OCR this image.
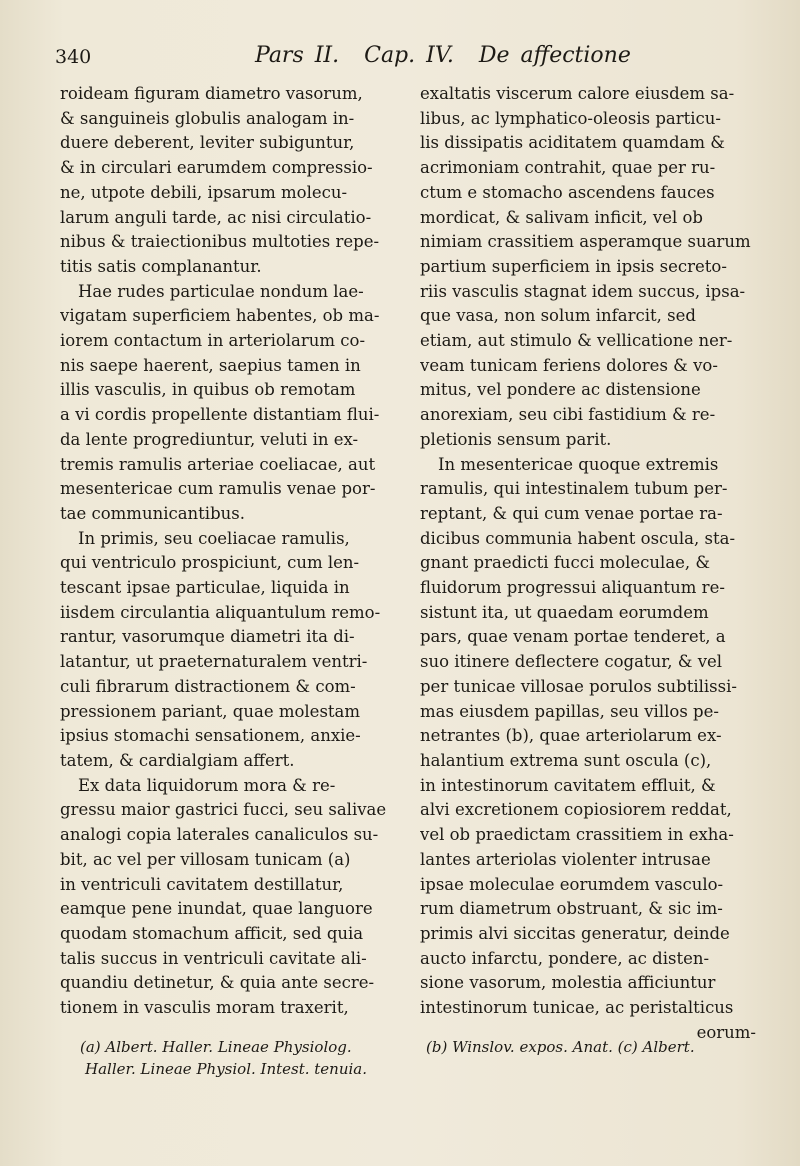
340	Pars II. Cap. IV. De affectione
roideam figuram diametro vasorum,
& sanguineis globulis analogam in-
duere deberent, leviter subiguntur,
& in circulari earumdem compressio-
ne, utpote debili, ipsarum molecu-
larum anguli tarde, ac nisi circulatio-
nibus & traiectionibus multoties repe-
titis satis complanantur.
Hae rudes particulae nondum lae-
vigatam superficiem habentes, ob ma-
iorem contactum in arteriolarum co-
nis saepe haerent, saepius tamen in
illis vasculis, in quibus ob remotam
a vi cordis propellente distantiam flui-
da lente progrediuntur, veluti in ex-
tremis ramulis arteriae coeliacae, aut
mesentericae cum ramulis venae por-
tae communicantibus.
In primis, seu coeliacae ramulis,
qui ventriculo prospiciunt, cum len-
tescant ipsae particulae, liquida in
iisdem circulantia aliquantulum remo-
rantur, vasorumque diametri ita di-
latantur, ut praeternaturalem ventri-
culi fibrarum distractionem & com-
pressionem pariant, quae molestam
ipsius stomachi sensationem, anxie-
tatem, & cardialgiam affert.
Ex data liquidorum mora & re-
gressu maior gastrici fucci, seu salivae
analogi copia laterales canaliculos su-
bit, ac vel per villosam tunicam (a)
in ventriculi cavitatem destillatur,
eamque pene inundat, quae languore
quodam stomachum afficit, sed quia
talis succus in ventriculi cavitate ali-
quandiu detinetur, & quia ante secre-
tionem in vasculis moram traxerit,
exaltatis viscerum calore eiusdem sa-
libus, ac lymphatico-oleosis particu-
lis dissipatis aciditatem quamdam &
acrimoniam contrahit, quae per ru-
ctum e stomacho ascendens fauces
mordicat, & salivam inficit, vel ob
nimiam crassitiem asperamque suarum
partium superficiem in ipsis secreto-
riis vasculis stagnat idem succus, ipsa-
que vasa, non solum infarcit, sed
etiam, aut stimulo & vellicatione ner-
veam tunicam feriens dolores & vo-
mitus, vel pondere ac distensione
anorexiam, seu cibi fastidium & re-
pletionis sensum parit.
In mesentericae quoque extremis
ramulis, qui intestinalem tubum per-
reptant, & qui cum venae portae ra-
dicibus communia habent oscula, sta-
gnant praedicti fucci moleculae, &
fluidorum progressui aliquantum re-
sistunt ita, ut quaedam eorumdem
pars, quae venam portae tenderet, a
suo itinere deflectere cogatur, & vel
per tunicae villosae porulos subtilissi-
mas eiusdem papillas, seu villos pe-
netrantes (b), quae arteriolarum ex-
halantium extrema sunt oscula (c),
in intestinorum cavitatem effluit, &
alvi excretionem copiosiorem reddat,
vel ob praedictam crassitiem in exha-
lantes arteriolas violenter intrusae
ipsae moleculae eorumdem vasculo-
rum diametrum obstruant, & sic im-
primis alvi siccitas generatur, deinde
aucto infarctu, pondere, ac disten-
sione vasorum, molestia afficiuntur
intestinorum tunicae, ac peristalticus
eorum-
(a) Albert. Haller. Lineae Physiolog.
Haller. Lineae Physiol. Intest. tenuia.
(b) Winslov. expos. Anat. (c) Albert.
